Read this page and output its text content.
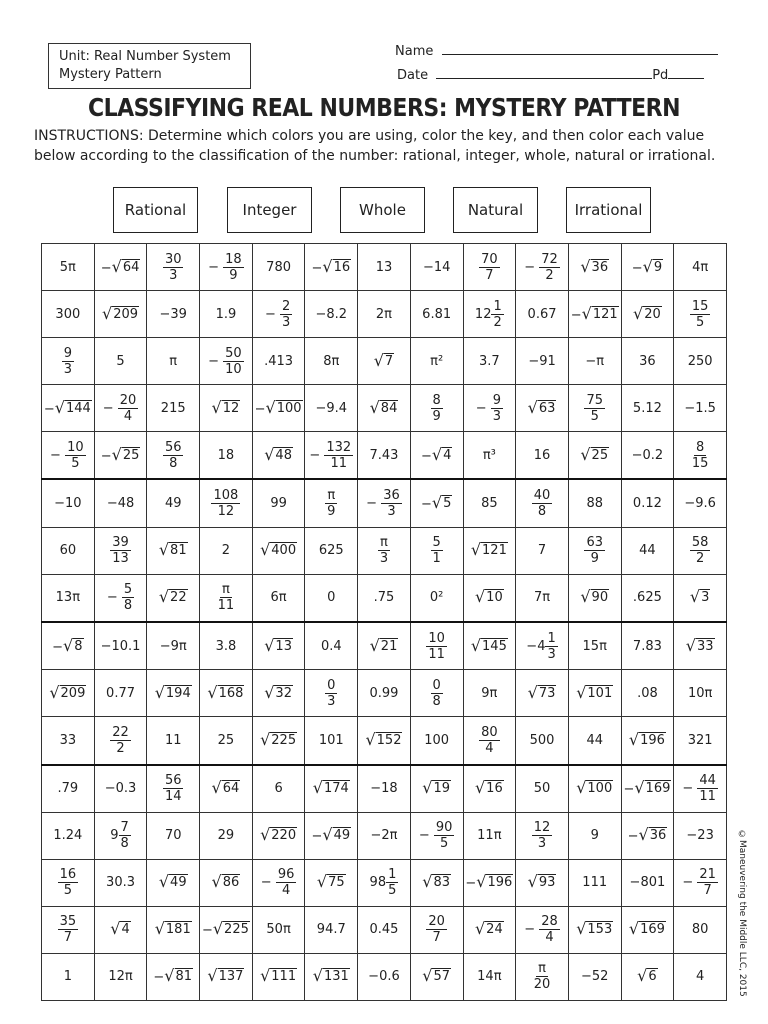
Unit: Real Number System
Mystery Pattern
Name
Date	Pd
CLASSIFYING REAL NUMBERS: MYSTERY PATTERN
INSTRUCTIONS: Determine which colors you are using, color the key, and then color each value below according to the classification of the number: rational, integer, whole, natural or irrational.
Rational	Integer	Whole	Natural	Irrational
5π	− √ 64	$\frac{30}{3}$	− $\frac{18}{9}$	780	− √ 16	13	−14	$\frac{70}{7}$	− $\frac{72}{2}$	√ 36	− √ 9	4π
300	√ 209	−39	1.9	− $\frac{2}{3}$	−8.2	2π	6.81	$12 \frac{1}{2}$	0.67	− √ 121	√ 20	$\frac{15}{5}$

$\frac{9}{3}$	5	π	− $\frac{50}{10}$	.413	8π	√ 7	π²	3.7	−91	−π	36	250
− √ 144	− $\frac{20}{4}$	215	√ 12	− √ 100	−9.4	√ 84	$\frac{8}{9}$	− $\frac{9}{3}$	√ 63	$\frac{75}{5}$	5.12	−1.5
− $\frac{10}{5}$	− √ 25	$\frac{56}{8}$	18	√ 48	− $\frac{132}{11}$	7.43	− √ 4	π³	16	√ 25	−0.2	$\frac{8}{15}$

−10	−48	49	$\frac{108}{12}$	99	$\frac{\pi}{9}$	− $\frac{36}{3}$	− √ 5	85	$\frac{40}{8}$	88	0.12	−9.6
60	$\frac{39}{13}$	√ 81	2	√ 400	625	$\frac{\pi}{3}$	$\frac{5}{1}$	√ 121	7	$\frac{63}{9}$	44	$\frac{58}{2}$

13π	− $\frac{5}{8}$	√ 22	$\frac{\pi}{11}$	6π	0	.75	0²	√ 10	7π	√ 90	.625	√ 3

− √ 8	−10.1	−9π	3.8	√ 13	0.4	√ 21	$\frac{10}{11}$	√ 145	$-4 \frac{1}{3}$	15π	7.83	√ 33

√ 209	0.77	√ 194	√ 168	√ 32	$\frac{0}{3}$	0.99	$\frac{0}{8}$	9π	√ 73	√ 101	.08	10π
33	$\frac{22}{2}$	11	25	√ 225	101	√ 152	100	$\frac{80}{4}$	500	44	√ 196	321
.79	−0.3	$\frac{56}{14}$	√ 64	6	√ 174	−18	√ 19	√ 16	50	√ 100	− √ 169	− $\frac{44}{11}$

1.24	$9 \frac{7}{8}$	70	29	√ 220	− √ 49	−2π	− $\frac{90}{5}$	11π	$\frac{12}{3}$	9	− √ 36	−23

$\frac{16}{5}$	30.3	√ 49	√ 86	− $\frac{96}{4}$	√ 75	$98 \frac{1}{5}$	√ 83	− √ 196	√ 93	111	−801	− $\frac{21}{7}$

$\frac{35}{7}$	√ 4	√ 181	− √ 225	50π	94.7	0.45	$\frac{20}{7}$	√ 24	− $\frac{28}{4}$	√ 153	√ 169	80
1	12π	− √ 81	√ 137	√ 111	√ 131	−0.6	√ 57	14π	$\frac{\pi}{20}$	−52	√ 6	4	©Maneuvering the Middle LLC, 2015
